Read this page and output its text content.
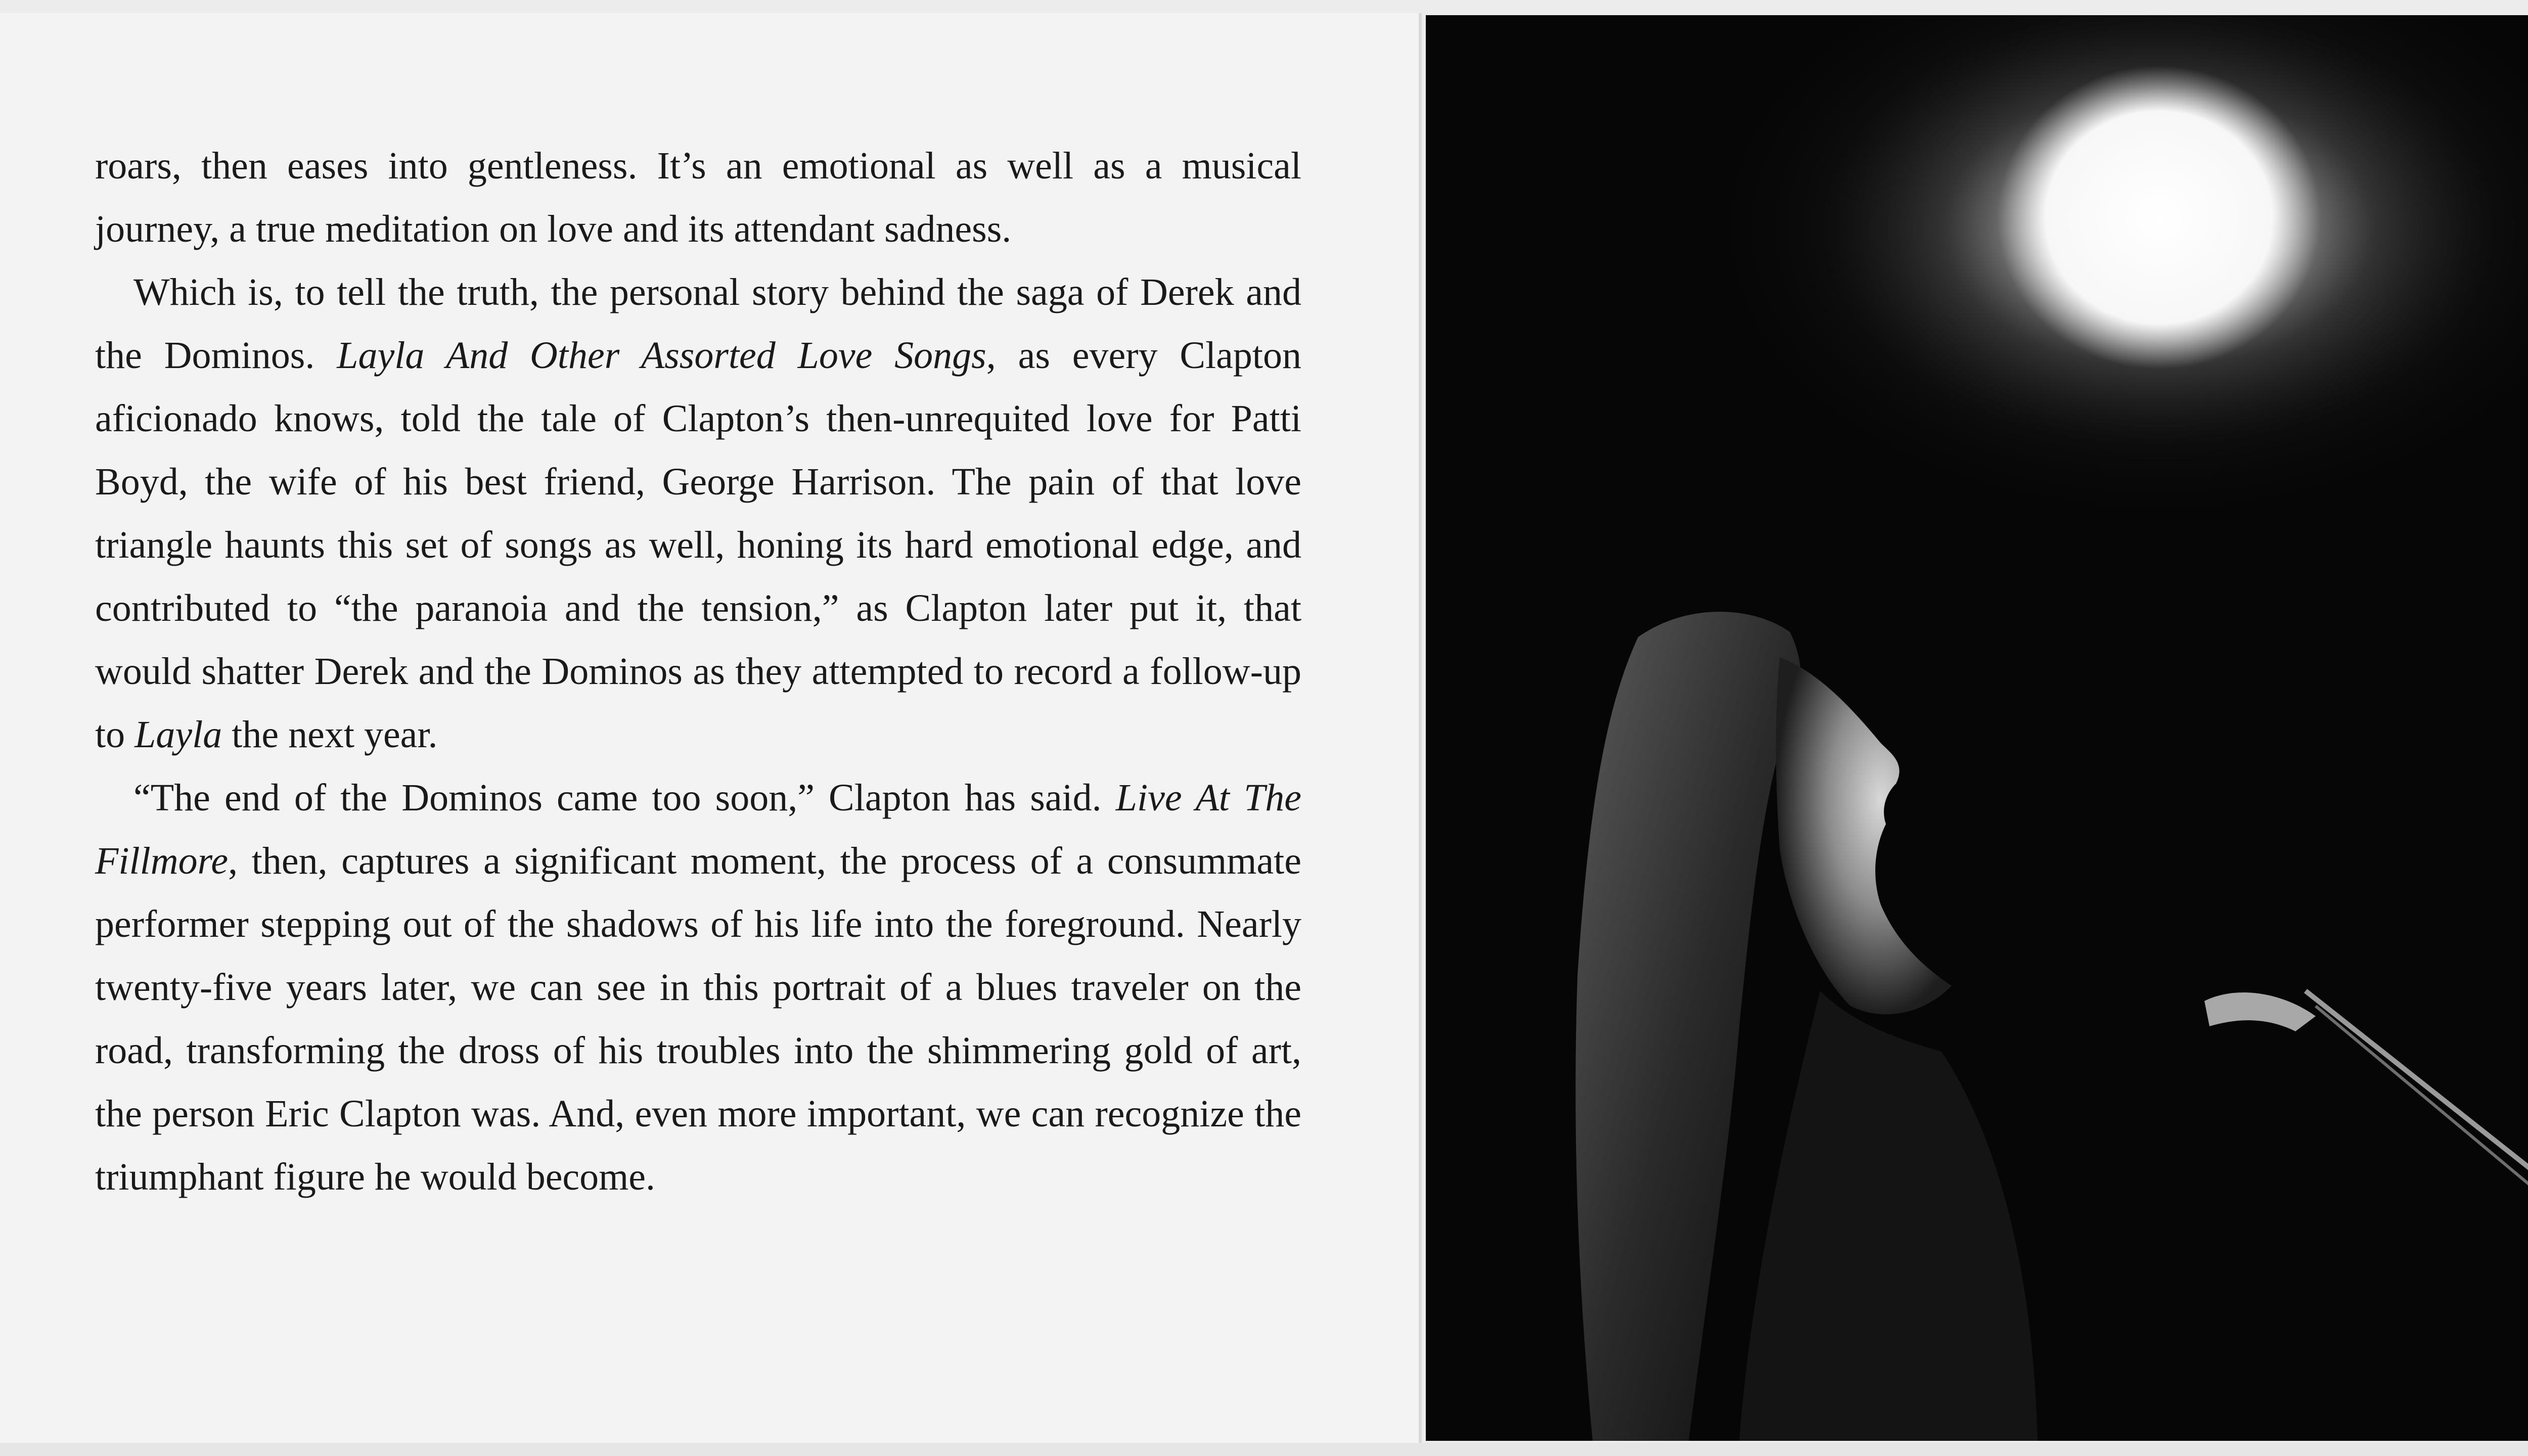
roars, then eases into gentleness. It’s an emotional as well as a musical journey, a true meditation on love and its attendant sadness.

Which is, to tell the truth, the personal story behind the saga of Derek and the Dominos. Layla And Other Assorted Love Songs, as every Clapton aficionado knows, told the tale of Clapton’s then-unrequited love for Patti Boyd, the wife of his best friend, George Harrison. The pain of that love triangle haunts this set of songs as well, honing its hard emotional edge, and contributed to “the paranoia and the tension,” as Clapton later put it, that would shatter Derek and the Dominos as they attempted to record a follow-up to Layla the next year.

“The end of the Dominos came too soon,” Clapton has said. Live At The Fillmore, then, captures a significant moment, the process of a consummate performer stepping out of the shadows of his life into the foreground. Nearly twenty-five years later, we can see in this portrait of a blues traveler on the road, transforming the dross of his troubles into the shimmering gold of art, the person Eric Clapton was. And, even more important, we can recognize the triumphant figure he would become.
